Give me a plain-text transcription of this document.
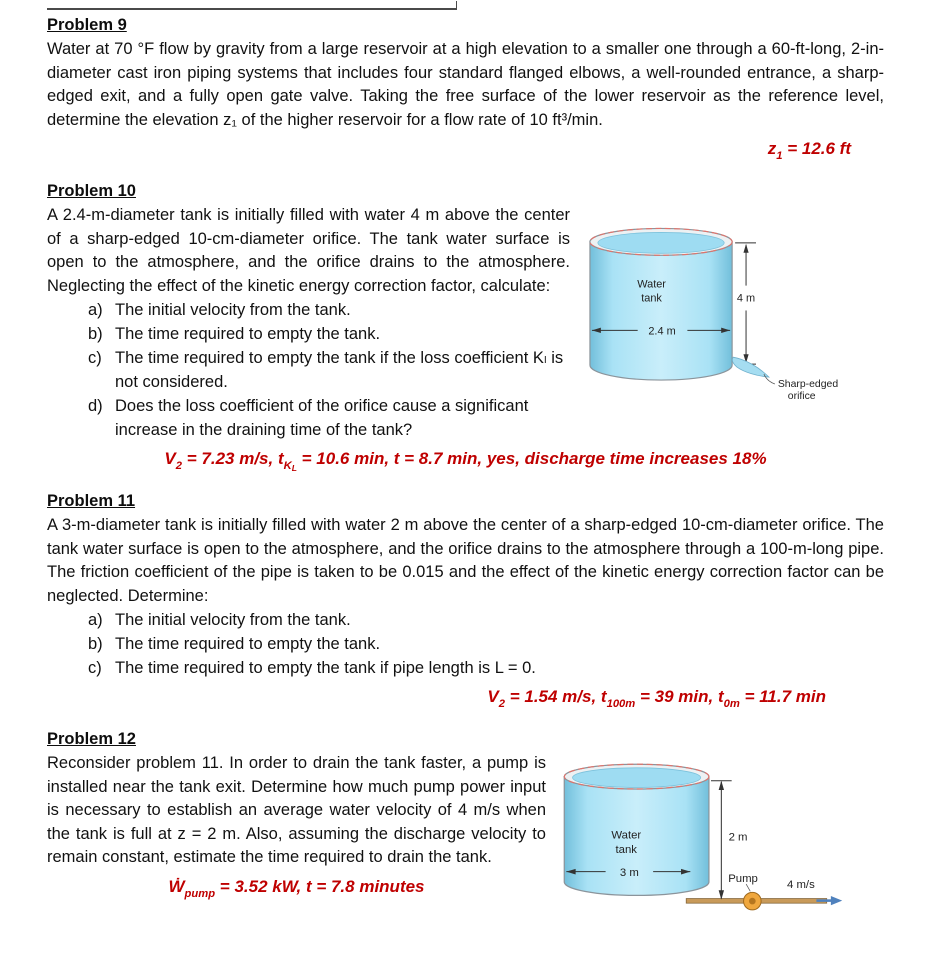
Problem 9

Water at 70 °F flow by gravity from a large reservoir at a high elevation to a smaller one through a 60-ft-long, 2-in-diameter cast iron piping systems that includes four standard flanged elbows, a well-rounded entrance, a sharp-edged exit, and a fully open gate valve. Taking the free surface of the lower reservoir as the reference level, determine the elevation z₁ of the higher reservoir for a flow rate of 10 ft³/min.

$z_1 = 12.6$ ft
Problem 10
Water
tank
2.4 m
4 m
Sharp-edged
orifice

A 2.4-m-diameter tank is initially filled with water 4 m above the center of a sharp-edged 10-cm-diameter orifice. The tank water surface is open to the atmosphere, and the orifice drains to the atmosphere. Neglecting the effect of the kinetic energy correction factor, calculate:

a) The initial velocity from the tank.
b) The time required to empty the tank.
c) The time required to empty the tank if the loss coefficient Kₗ is not considered.
d) Does the loss coefficient of the orifice cause a significant increase in the draining time of the tank?
$V_2 = 7.23$ m/s, $t_{KL} = 10.6$ min, t = 8.7 min, yes, discharge time increases 18%
Problem 11

A 3-m-diameter tank is initially filled with water 2 m above the center of a sharp-edged 10-cm-diameter orifice. The tank water surface is open to the atmosphere, and the orifice drains to the atmosphere through a 100-m-long pipe. The friction coefficient of the pipe is taken to be 0.015 and the effect of the kinetic energy correction factor can be neglected. Determine:

a) The initial velocity from the tank.
b) The time required to empty the tank.
c) The time required to empty the tank if pipe length is L = 0.
$V_2 = 1.54$ m/s, $t_{100m} = 39$ min, $t_{0m} = 11.7$ min
Problem 12
Water
tank
3 m
2 m
Pump
4 m/s

Reconsider problem 11. In order to drain the tank faster, a pump is installed near the tank exit. Determine how much pump power input is necessary to establish an average water velocity of 4 m/s when the tank is full at z = 2 m. Also, assuming the discharge velocity to remain constant, estimate the time required to drain the tank.

Ẇ$_{pump}$ = 3.52 kW, t = 7.8 minutes
